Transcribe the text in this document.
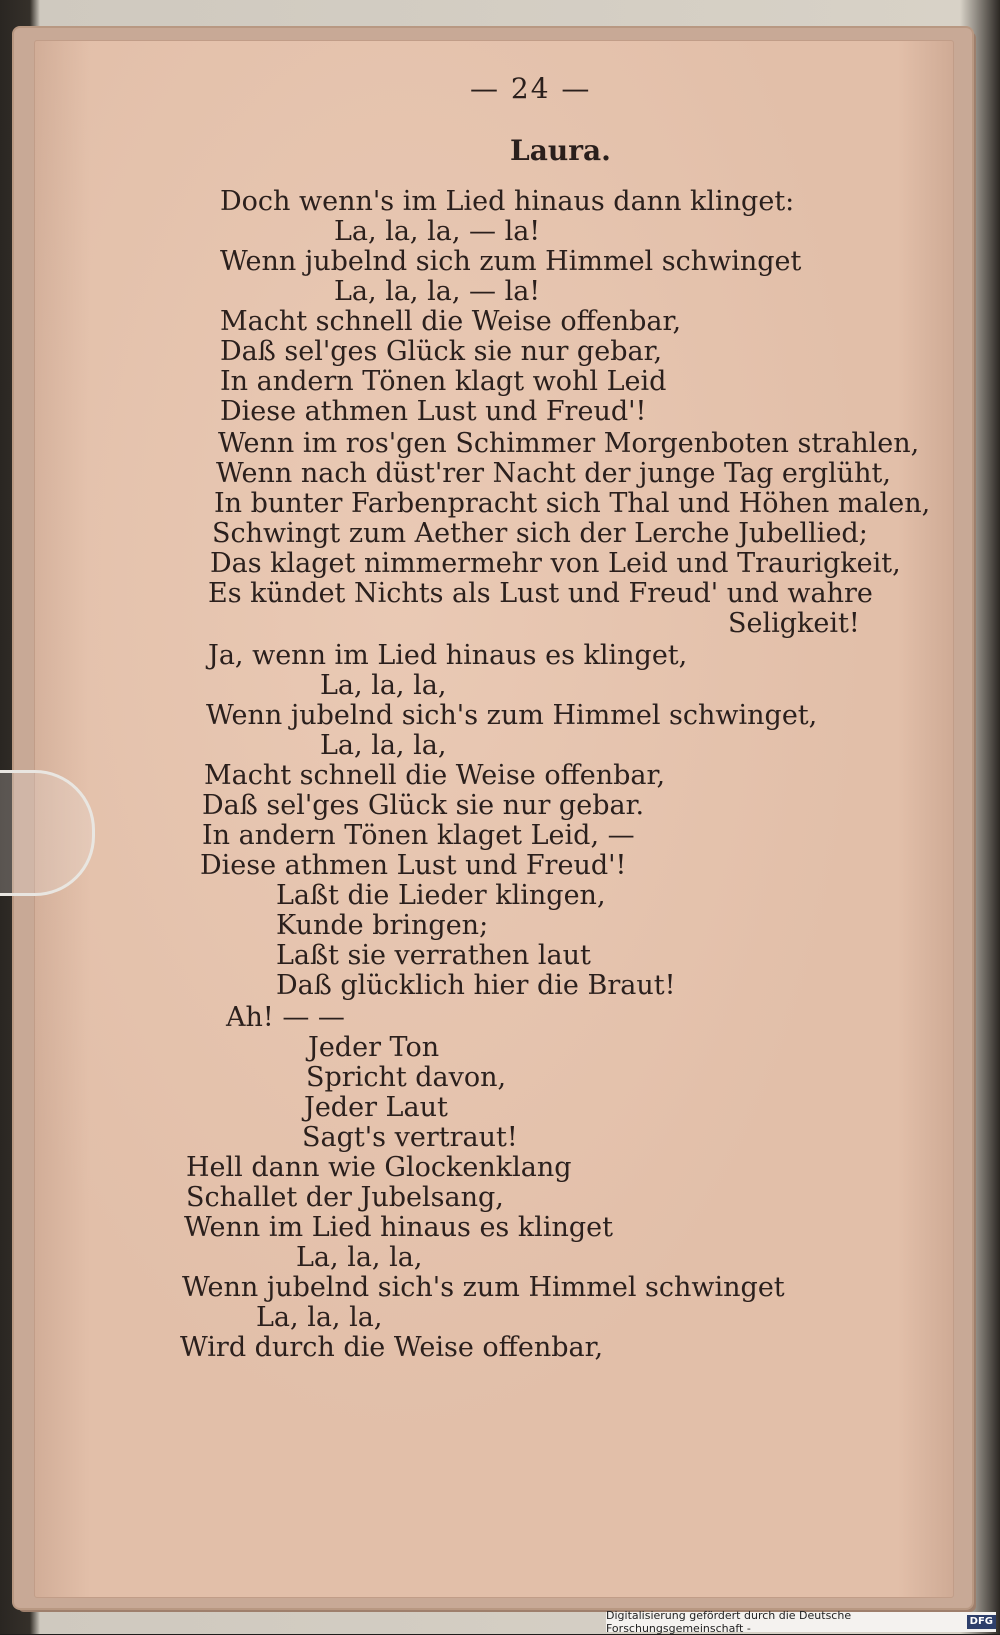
— 24 —
Laura.
Doch wenn's im Lied hinaus dann klinget:
La, la, la, — la!
Wenn jubelnd sich zum Himmel schwinget
La, la, la, — la!
Macht schnell die Weise offenbar,
Daß sel'ges Glück sie nur gebar,
In andern Tönen klagt wohl Leid
Diese athmen Lust und Freud'!
Wenn im ros'gen Schimmer Morgenboten strahlen,
Wenn nach düst'rer Nacht der junge Tag erglüht,
In bunter Farbenpracht sich Thal und Höhen malen,
Schwingt zum Aether sich der Lerche Jubellied;
Das klaget nimmermehr von Leid und Traurigkeit,
Es kündet Nichts als Lust und Freud' und wahre
Seligkeit!
Ja, wenn im Lied hinaus es klinget,
La, la, la,
Wenn jubelnd sich's zum Himmel schwinget,
La, la, la,
Macht schnell die Weise offenbar,
Daß sel'ges Glück sie nur gebar.
In andern Tönen klaget Leid, —
Diese athmen Lust und Freud'!
Laßt die Lieder klingen,
Kunde bringen;
Laßt sie verrathen laut
Daß glücklich hier die Braut!
Ah! — —
Jeder Ton
Spricht davon,
Jeder Laut
Sagt's vertraut!
Hell dann wie Glockenklang
Schallet der Jubelsang,
Wenn im Lied hinaus es klinget
La, la, la,
Wenn jubelnd sich's zum Himmel schwinget
La, la, la,
Wird durch die Weise offenbar,
Digitalisierung gefördert durch die Deutsche Forschungsgemeinschaft -
DFG
